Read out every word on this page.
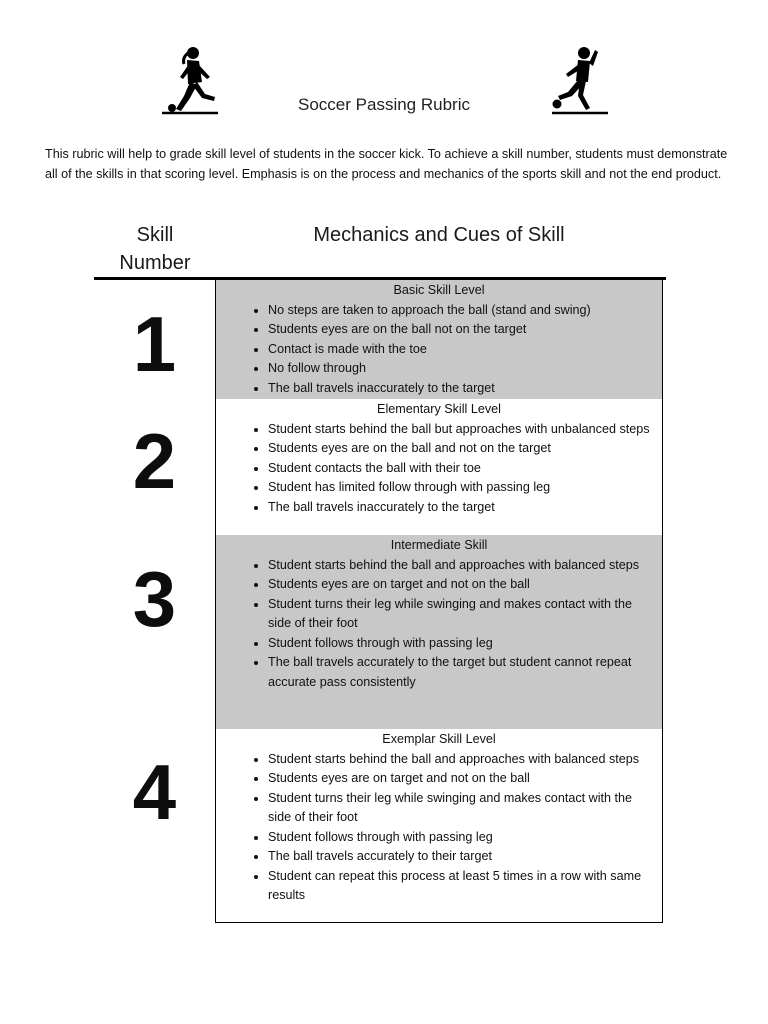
Soccer Passing Rubric
This rubric will help to grade skill level of students in the soccer kick. To achieve a skill number, students must demonstrate all of the skills in that scoring level. Emphasis is on the process and mechanics of the sports skill and not the end product.
Skill
Number
Mechanics and Cues of Skill
1
2
3
4
Basic Skill Level
• No steps are taken to approach the ball (stand and swing)
• Students eyes are on the ball not on the target
• Contact is made with the toe
• No follow through
• The ball travels inaccurately to the target
Elementary Skill Level
• Student starts behind the ball but approaches with unbalanced steps
• Students eyes are on the ball and not on the target
• Student contacts the ball with their toe
• Student has limited follow through with passing leg
• The ball travels inaccurately to the target
Intermediate Skill
• Student starts behind the ball and approaches with balanced steps
• Students eyes are on target and not on the ball
• Student turns their leg while swinging and makes contact with the side of their foot
• Student follows through with passing leg
• The ball travels accurately to the target but student cannot repeat accurate pass consistently
Exemplar Skill Level
• Student starts behind the ball and approaches with balanced steps
• Students eyes are on target and not on the ball
• Student turns their leg while swinging and makes contact with the side of their foot
• Student follows through with passing leg
• The ball travels accurately to their target
• Student can repeat this process at least 5 times in a row with same results
